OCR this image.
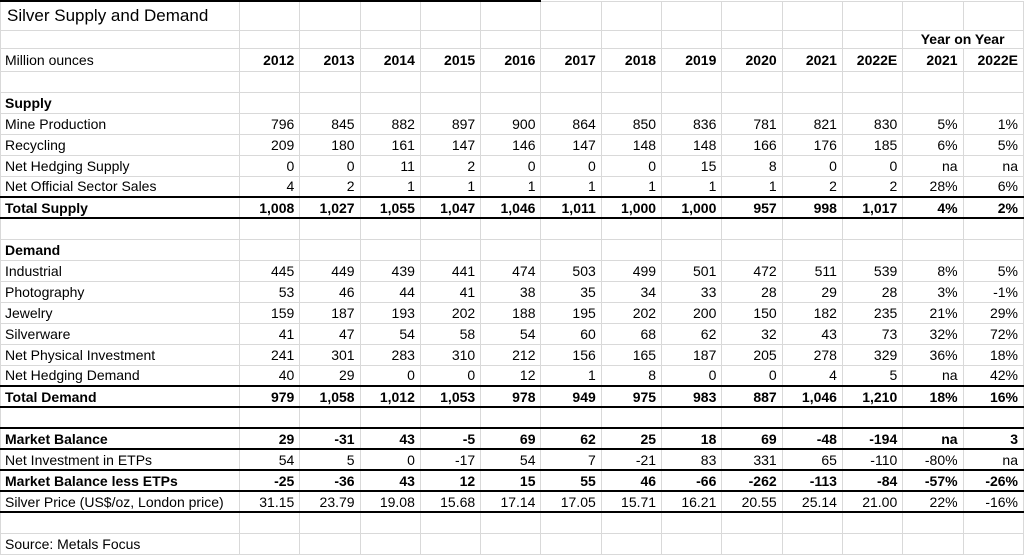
Silver Supply and Demand													
												Year on Year	
Million ounces	2012	2013	2014	2015	2016	2017	2018	2019	2020	2021	2022E	2021	2022E

Supply													
Mine Production	796	845	882	897	900	864	850	836	781	821	830	5%	1%
Recycling	209	180	161	147	146	147	148	148	166	176	185	6%	5%
Net Hedging Supply	0	0	11	2	0	0	0	15	8	0	0	na	na
Net Official Sector Sales	4	2	1	1	1	1	1	1	1	2	2	28%	6%
Total Supply	1,008	1,027	1,055	1,047	1,046	1,011	1,000	1,000	957	998	1,017	4%	2%

Demand													
Industrial	445	449	439	441	474	503	499	501	472	511	539	8%	5%
Photography	53	46	44	41	38	35	34	33	28	29	28	3%	-1%
Jewelry	159	187	193	202	188	195	202	200	150	182	235	21%	29%
Silverware	41	47	54	58	54	60	68	62	32	43	73	32%	72%
Net Physical Investment	241	301	283	310	212	156	165	187	205	278	329	36%	18%
Net Hedging Demand	40	29	0	0	12	1	8	0	0	4	5	na	42%
Total Demand	979	1,058	1,012	1,053	978	949	975	983	887	1,046	1,210	18%	16%

Market Balance	29	-31	43	-5	69	62	25	18	69	-48	-194	na	3
Net Investment in ETPs	54	5	0	-17	54	7	-21	83	331	65	-110	-80%	na
Market Balance less ETPs	-25	-36	43	12	15	55	46	-66	-262	-113	-84	-57%	-26%
Silver Price (US$/oz, London price)	31.15	23.79	19.08	15.68	17.14	17.05	15.71	16.21	20.55	25.14	21.00	22%	-16%

Source: Metals Focus													
